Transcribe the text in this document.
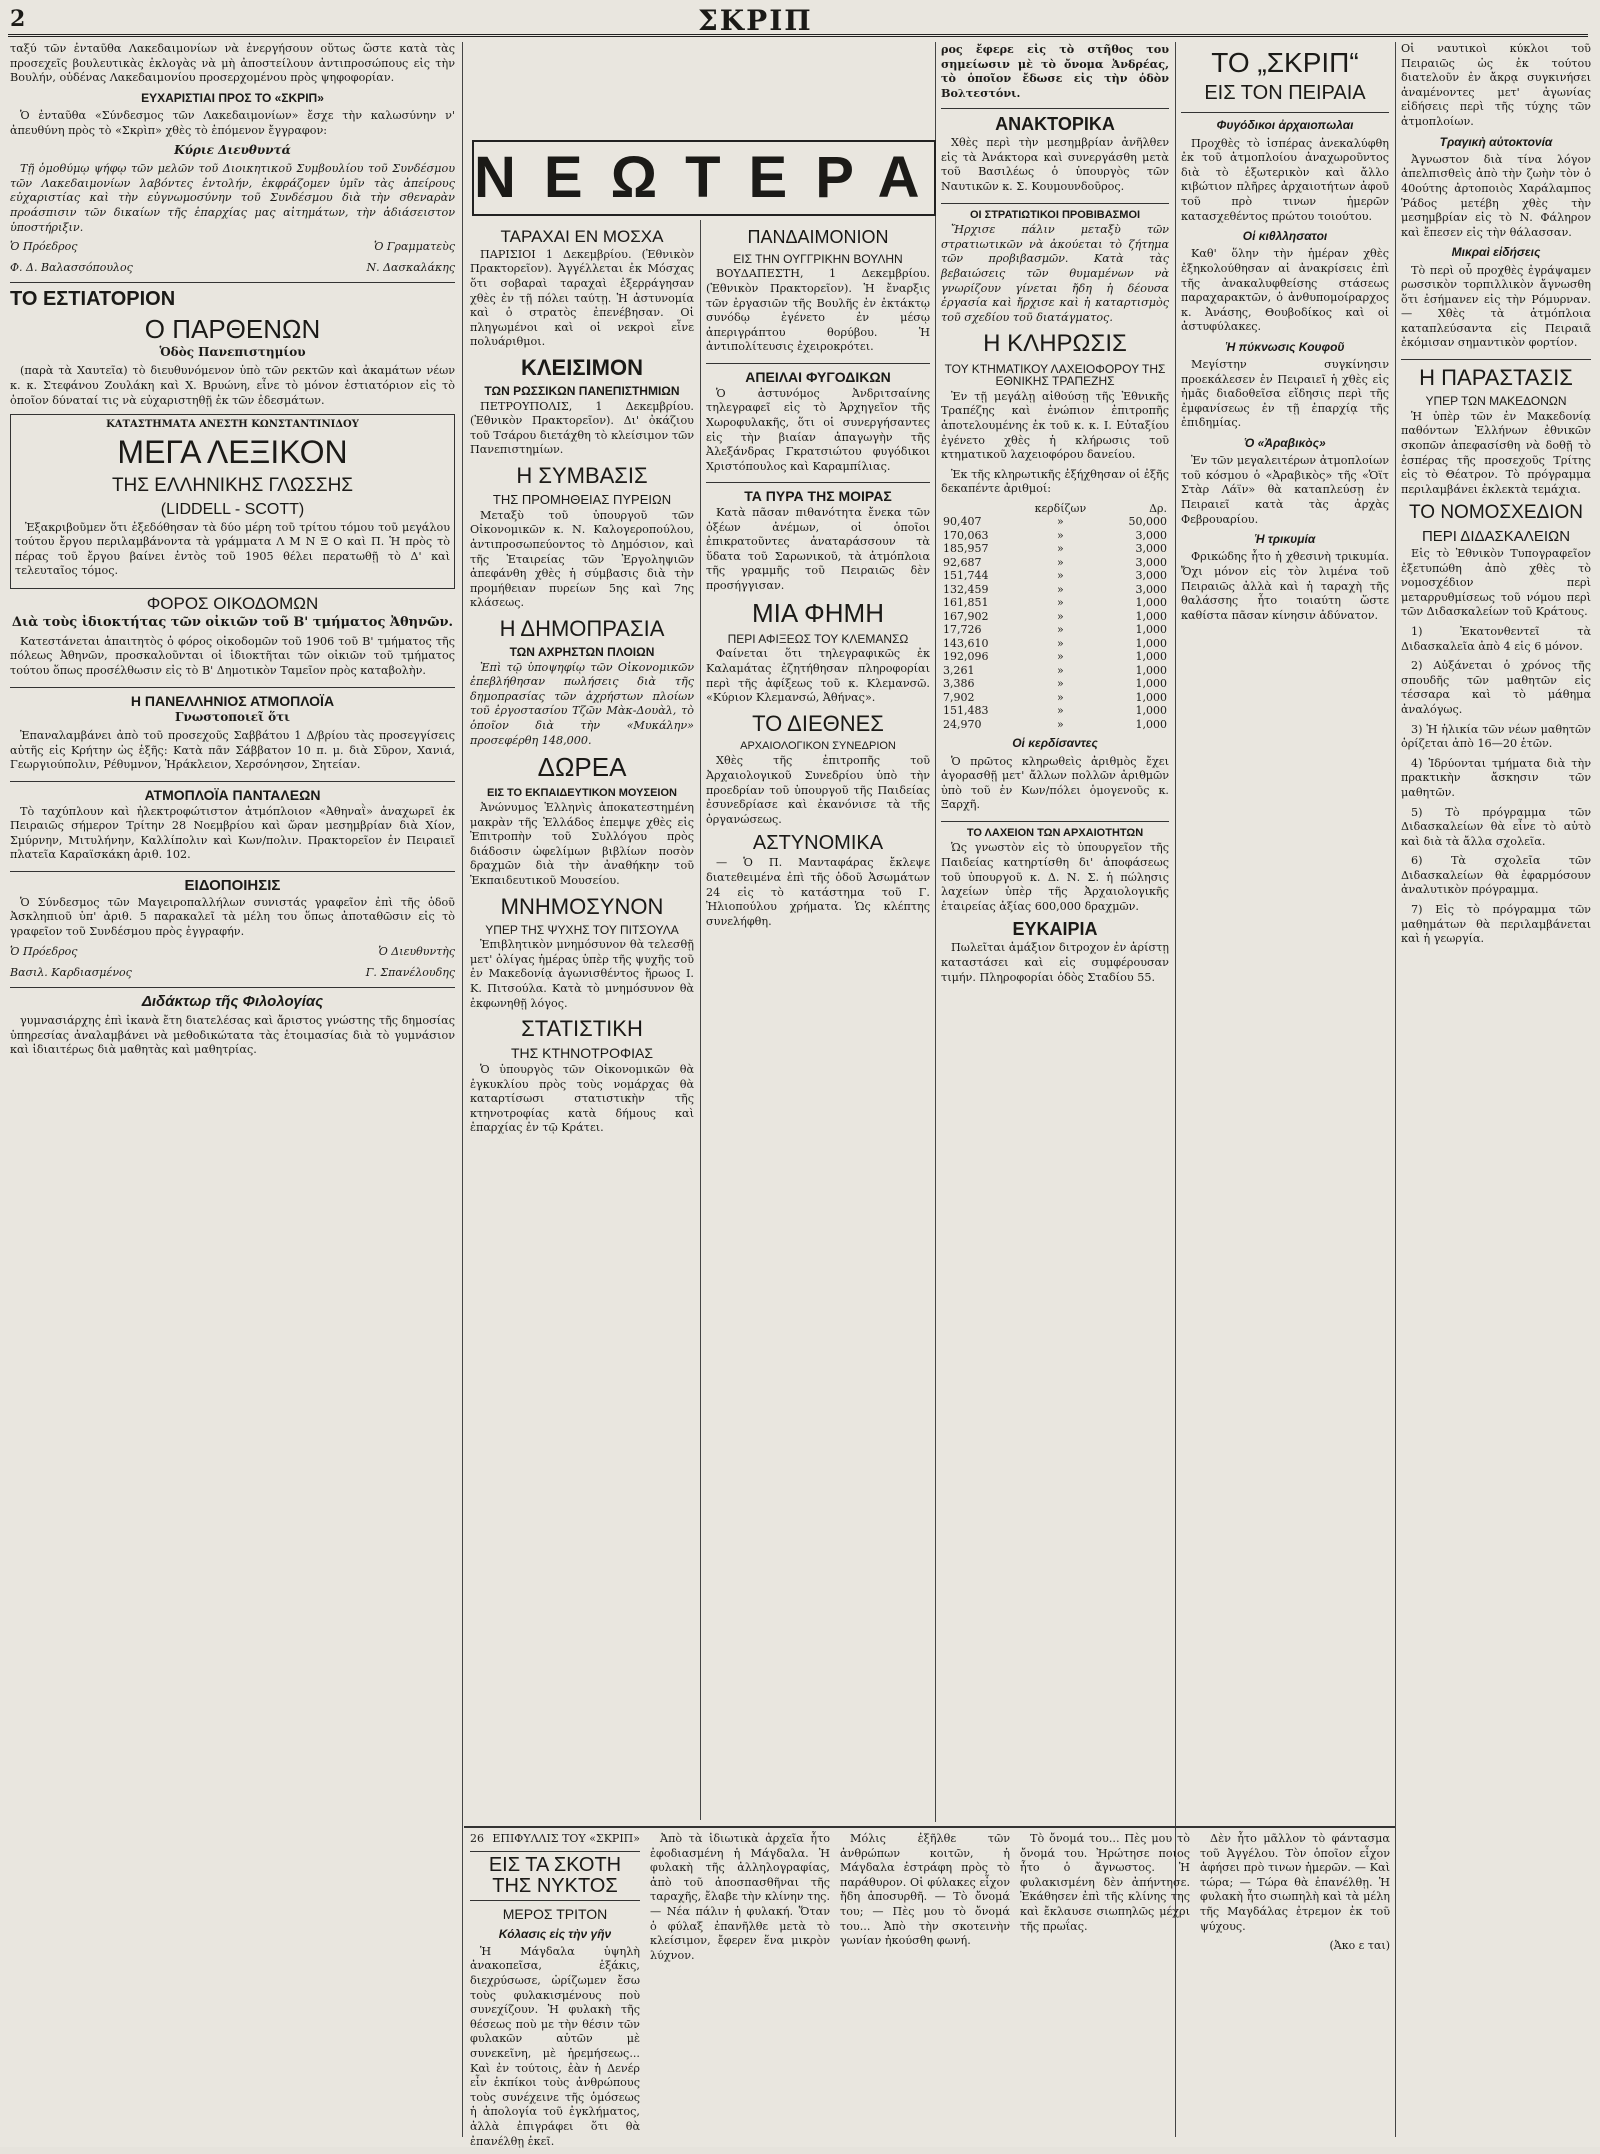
2	ΣΚΡΙΠ
ΝΕΩΤΕΡΑ

ταξύ τῶν ἐνταῦθα Λακεδαιμονίων νὰ ἐνεργήσουν οὕτως ὥστε κατὰ τὰς προσεχεῖς βουλευτικὰς ἐκλογὰς νὰ μὴ ἀποστείλουν ἀντιπροσώπους εἰς τὴν Βουλήν, οὐδένας Λακεδαιμονίου προσερχομένου πρὸς ψηφοφορίαν.

ΕΥΧΑΡΙΣΤΙΑΙ ΠΡΟΣ ΤΟ «ΣΚΡΙΠ»

Ὁ ἐνταῦθα «Σύνδεσμος τῶν Λακεδαιμονίων» ἔσχε τὴν καλωσύνην ν' ἀπευθύνη πρὸς τὸ «Σκρὶπ» χθὲς τὸ ἑπόμενον ἔγγραφον:

Κύριε Διευθυντά

Τῇ ὁμοθύμῳ ψήφῳ τῶν μελῶν τοῦ Διοικητικοῦ Συμβουλίου τοῦ Συνδέσμου τῶν Λακεδαιμονίων λαβόντες ἐντολήν, ἐκφράζομεν ὑμῖν τὰς ἀπείρους εὐχαριστίας καὶ τὴν εὐγνωμοσύνην τοῦ Συνδέσμου διὰ τὴν σθεναρὰν προάσπισιν τῶν δικαίων τῆς ἐπαρχίας μας αἰτημάτων, τὴν ἀδιάσειστον ὑποστήριξιν.

Ὁ Πρόεδρος	Ὁ Γραμματεὺς
Φ. Δ. Βαλασσόπουλος	Ν. Δασκαλάκης
ΤΟ ΕΣΤΙΑΤΟΡΙΟΝ
Ο ΠΑΡΘΕΝΩΝ
Ὁδὸς Πανεπιστημίου

(παρὰ τὰ Χαυτεῖα) τὸ διευθυνόμενον ὑπὸ τῶν ρεκτῶν καὶ ἀκαμάτων νέων κ. κ. Στεφάνου Ζουλάκη καὶ Χ. Βρυώνη, εἶνε τὸ μόνον ἐστιατόριον εἰς τὸ ὁποῖον δύναταί τις νὰ εὐχαριστηθῇ ἐκ τῶν ἐδεσμάτων.

ΚΑΤΑΣΤΗΜΑΤΑ ΑΝΕΣΤΗ ΚΩΝΣΤΑΝΤΙΝΙΔΟΥ
ΜΕΓΑ ΛΕΞΙΚΟΝ
ΤΗΣ ΕΛΛΗΝΙΚΗΣ ΓΛΩΣΣΗΣ
(LIDDELL - SCOTT)

Ἐξακριβοῦμεν ὅτι ἐξεδόθησαν τὰ δύο μέρη τοῦ τρίτου τόμου τοῦ μεγάλου τούτου ἔργου περιλαμβάνοντα τὰ γράμματα Λ Μ Ν Ξ Ο καὶ Π. Ἡ πρὸς τὸ πέρας τοῦ ἔργου βαίνει ἐντὸς τοῦ 1905 θέλει περατωθῇ τὸ Δ' καὶ τελευταῖος τόμος.

ΦΟΡΟΣ ΟΙΚΟΔΟΜΩΝ
Διὰ τοὺς ἰδιοκτήτας τῶν οἰκιῶν τοῦ Β' τμήματος Ἀθηνῶν.

Κατεστάνεται ἀπαιτητὸς ὁ φόρος οἰκοδομῶν τοῦ 1906 τοῦ Β' τμήματος τῆς πόλεως Ἀθηνῶν, προσκαλοῦνται οἱ ἰδιοκτῆται τῶν οἰκιῶν τοῦ τμήματος τούτου ὅπως προσέλθωσιν εἰς τὸ Β' Δημοτικὸν Ταμεῖον πρὸς καταβολὴν.

Η ΠΑΝΕΛΛΗΝΙΟΣ ΑΤΜΟΠΛΟΪΑ
Γνωστοποιεῖ ὅτι

Ἐπαναλαμβάνει ἀπὸ τοῦ προσεχοῦς Σαββάτου 1 Δ/βρίου τὰς προσεγγίσεις αὐτῆς εἰς Κρήτην ὡς ἑξῆς: Κατὰ πᾶν Σάββατον 10 π. μ. διὰ Σῦρον, Χανιά, Γεωργιούπολιν, Ρέθυμνον, Ἡράκλειον, Χερσόνησον, Σητείαν.

ΑΤΜΟΠΛΟΪΑ ΠΑΝΤΑΛΕΩΝ

Τὸ ταχύπλουν καὶ ἠλεκτροφώτιστον ἀτμόπλοιον «Ἀθηναῒ» ἀναχωρεῖ ἐκ Πειραιῶς σήμερον Τρίτην 28 Νοεμβρίου καὶ ὥραν μεσημβρίαν διὰ Χίον, Σμύρνην, Μιτυλήνην, Καλλίπολιν καὶ Κων/πολιν. Πρακτορεῖον ἐν Πειραιεῖ πλατεῖα Καραϊσκάκη ἀριθ. 102.

ΕΙΔΟΠΟΙΗΣΙΣ

Ὁ Σύνδεσμος τῶν Μαγειροπαλλήλων συνιστάς γραφεῖον ἐπὶ τῆς ὁδοῦ Ἀσκληπιοῦ ὑπ' ἀριθ. 5 παρακαλεῖ τὰ μέλη του ὅπως ἀποταθῶσιν εἰς τὸ γραφεῖον τοῦ Συνδέσμου πρὸς ἐγγραφήν.

Ὁ Πρόεδρος	Ὁ Διευθυντὴς
Βασιλ. Καρδιασμένος	Γ. Σπανέλουδης
Διδάκτωρ τῆς Φιλολογίας

γυμνασιάρχης ἐπὶ ἱκανὰ ἔτη διατελέσας καὶ ἄριστος γνώστης τῆς δημοσίας ὑπηρεσίας ἀναλαμβάνει νὰ μεθοδικώτατα τὰς ἑτοιμασίας διὰ τὸ γυμνάσιον καὶ ἰδιαιτέρως διὰ μαθητὰς καὶ μαθητρίας.

ΤΑΡΑΧΑΙ ΕΝ ΜΟΣΧΑ

ΠΑΡΙΣΙΟΙ 1 Δεκεμβρίου. (Ἐθνικὸν Πρακτορεῖον). Ἀγγέλλεται ἐκ Μόσχας ὅτι σοβαραὶ ταραχαὶ ἐξερράγησαν χθὲς ἐν τῇ πόλει ταύτῃ. Ἡ ἀστυνομία καὶ ὁ στρατὸς ἐπενέβησαν. Οἱ πληγωμένοι καὶ οἱ νεκροὶ εἶνε πολυάριθμοι.

ΚΛΕΙΣΙΜΟΝ
ΤΩΝ ΡΩΣΣΙΚΩΝ ΠΑΝΕΠΙΣΤΗΜΙΩΝ

ΠΕΤΡΟΥΠΟΛΙΣ, 1 Δεκεμβρίου. (Ἐθνικὸν Πρακτορεῖον). Δι' ὀκάζιου τοῦ Τσάρου διετάχθη τὸ κλείσιμον τῶν Πανεπιστημίων.

Η ΣΥΜΒΑΣΙΣ
ΤΗΣ ΠΡΟΜΗΘΕΙΑΣ ΠΥΡΕΙΩΝ

Μεταξὺ τοῦ ὑπουργοῦ τῶν Οἰκονομικῶν κ. Ν. Καλογεροπούλου, ἀντιπροσωπεύοντος τὸ Δημόσιον, καὶ τῆς Ἑταιρείας τῶν Ἐργοληψιῶν ἀπεφάνθη χθὲς ἡ σύμβασις διὰ τὴν προμήθειαν πυρείων 5ης καὶ 7ης κλάσεως.

Η ΔΗΜΟΠΡΑΣΙΑ
ΤΩΝ ΑΧΡΗΣΤΩΝ ΠΛΟΙΩΝ

Ἐπὶ τῷ ὑποψηφίῳ τῶν Οἰκονομικῶν ἐπεβλήθησαν πωλήσεις διὰ τῆς δημοπρασίας τῶν ἀχρήστων πλοίων τοῦ ἐργοστασίου Τζῶν Μὰκ-Δουὰλ, τὸ ὁποῖον διὰ τὴν «Μυκάλην» προσεφέρθη 148,000.

ΔΩΡΕΑ
ΕΙΣ ΤΟ ΕΚΠΑΙΔΕΥΤΙΚΟΝ ΜΟΥΣΕΙΟΝ

Ἀνώνυμος Ἑλληνὶς ἀποκατεστημένη μακρὰν τῆς Ἑλλάδος ἐπεμψε χθὲς εἰς Ἐπιτροπὴν τοῦ Συλλόγου πρὸς διάδοσιν ὠφελίμων βιβλίων ποσὸν δραχμῶν διὰ τὴν ἀναθήκην τοῦ Ἐκπαιδευτικοῦ Μουσείου.

ΜΝΗΜΟΣΥΝΟΝ
ΥΠΕΡ ΤΗΣ ΨΥΧΗΣ ΤΟΥ ΠΙΤΣΟΥΛΑ

Ἐπιβλητικὸν μνημόσυνον θὰ τελεσθῇ μετ' ὀλίγας ἡμέρας ὑπὲρ τῆς ψυχῆς τοῦ ἐν Μακεδονίᾳ ἀγωνισθέντος ἥρωος Ι. Κ. Πιτσούλα. Κατὰ τὸ μνημόσυνον θὰ ἐκφωνηθῇ λόγος.

ΣΤΑΤΙΣΤΙΚΗ
ΤΗΣ ΚΤΗΝΟΤΡΟΦΙΑΣ

Ὁ ὑπουργὸς τῶν Οἰκονομικῶν θὰ ἐγκυκλίου πρὸς τοὺς νομάρχας θὰ καταρτίσωσι στατιστικὴν τῆς κτηνοτροφίας κατὰ δήμους καὶ ἐπαρχίας ἐν τῷ Κράτει.

ΠΑΝΔΑΙΜΟΝΙΟΝ
ΕΙΣ ΤΗΝ ΟΥΓΓΡΙΚΗΝ ΒΟΥΛΗΝ

ΒΟΥΔΑΠΕΣΤΗ, 1 Δεκεμβρίου. (Ἐθνικὸν Πρακτορεῖον). Ἡ ἔναρξις τῶν ἐργασιῶν τῆς Βουλῆς ἐν ἐκτάκτῳ συνόδῳ ἐγένετο ἐν μέσῳ ἀπεριγράπτου θορύβου. Ἡ ἀντιπολίτευσις ἐχειροκρότει.

ΑΠΕΙΛΑΙ ΦΥΓΟΔΙΚΩΝ

Ὁ ἀστυνόμος Ἀνδριτσαίνης τηλεγραφεῖ εἰς τὸ Ἀρχηγεῖον τῆς Χωροφυλακῆς, ὅτι οἱ συνεργήσαντες εἰς τὴν βιαίαν ἀπαγωγὴν τῆς Ἀλεξάνδρας Γκρατσιώτου φυγόδικοι Χριστόπουλος καὶ Καραμπίλιας.

ΤΑ ΠΥΡΑ ΤΗΣ ΜΟΙΡΑΣ

Κατὰ πᾶσαν πιθανότητα ἔνεκα τῶν ὀξέων ἀνέμων, οἱ ὁποῖοι ἐπικρατοῦντες ἀναταράσσουν τὰ ὕδατα τοῦ Σαρωνικοῦ, τὰ ἀτμόπλοια τῆς γραμμῆς τοῦ Πειραιῶς δὲν προσήγγισαν.

ΜΙΑ ΦΗΜΗ
ΠΕΡΙ ΑΦΙΞΕΩΣ ΤΟΥ ΚΛΕΜΑΝΣΩ

Φαίνεται ὅτι τηλεγραφικῶς ἐκ Καλαμάτας ἐζητήθησαν πληροφορίαι περὶ τῆς ἀφίξεως τοῦ κ. Κλεμανσῶ. «Κύριον Κλεμανσώ, Ἀθήνας».

ΤΟ ΔΙΕΘΝΕΣ
ΑΡΧΑΙΟΛΟΓΙΚΟΝ ΣΥΝΕΔΡΙΟΝ

Χθὲς τῆς ἐπιτροπῆς τοῦ Ἀρχαιολογικοῦ Συνεδρίου ὑπὸ τὴν προεδρίαν τοῦ ὑπουργοῦ τῆς Παιδείας ἐσυνεδρίασε καὶ ἐκανόνισε τὰ τῆς ὀργανώσεως.

ΑΣΤΥΝΟΜΙΚΑ

— Ὁ Π. Μανταφάρας ἔκλεψε διατεθειμένα ἐπὶ τῆς ὁδοῦ Ἀσωμάτων 24 εἰς τὸ κατάστημα τοῦ Γ. Ἠλιοπούλου χρήματα. Ὡς κλέπτης συνελήφθη.

ρος ἔφερε εἰς τὸ στῆθος του σημείωσιν μὲ τὸ ὄνομα Ἀνδρέας, τὸ ὁποῖον ἔδωσε εἰς τὴν ὁδὸν Βολτεστόνι.

ΑΝΑΚΤΟΡΙΚΑ

Χθὲς περὶ τὴν μεσημβρίαν ἀνῆλθεν εἰς τὰ Ἀνάκτορα καὶ συνεργάσθη μετὰ τοῦ Βασιλέως ὁ ὑπουργὸς τῶν Ναυτικῶν κ. Σ. Κουμουνδοῦρος.

ΟΙ ΣΤΡΑΤΙΩΤΙΚΟΙ ΠΡΟΒΙΒΑΣΜΟΙ

Ἤρχισε πάλιν μεταξὺ τῶν στρατιωτικῶν νὰ ἀκούεται τὸ ζήτημα τῶν προβιβασμῶν. Κατὰ τὰς βεβαιώσεις τῶν θυμαμένων νὰ γνωρίζουν γίνεται ἤδη ἡ δέουσα ἐργασία καὶ ἤρχισε καὶ ἡ καταρτισμὸς τοῦ σχεδίου τοῦ διατάγματος.

Η ΚΛΗΡΩΣΙΣ
ΤΟΥ ΚΤΗΜΑΤΙΚΟΥ ΛΑΧΕΙΟΦΟΡΟΥ ΤΗΣ ΕΘΝΙΚΗΣ ΤΡΑΠΕΖΗΣ

Ἐν τῇ μεγάλῃ αἰθούσῃ τῆς Ἐθνικῆς Τραπέζης καὶ ἐνώπιον ἐπιτροπῆς ἀποτελουμένης ἐκ τοῦ κ. κ. Ι. Εὐταξίου ἐγένετο χθὲς ἡ κλήρωσις τοῦ κτηματικοῦ λαχειοφόρου δανείου.

Ἐκ τῆς κληρωτικῆς ἐξήχθησαν οἱ ἐξῆς δεκαπέντε ἀριθμοί:

	κερδίζων	Δρ.
90,407	»	50,000
170,063	»	3,000
185,957	»	3,000
92,687	»	3,000
151,744	»	3,000
132,459	»	3,000
161,851	»	1,000
167,902	»	1,000
17,726	»	1,000
143,610	»	1,000
192,096	»	1,000
3,261	»	1,000
3,386	»	1,000
7,902	»	1,000
151,483	»	1,000
24,970	»	1,000
Οἱ κερδίσαντες

Ὁ πρῶτος κληρωθεὶς ἀριθμὸς ἔχει ἀγορασθῇ μετ' ἄλλων πολλῶν ἀριθμῶν ὑπὸ τοῦ ἐν Κων/πόλει ὁμογενοῦς κ. Ξαρχῆ.

ΤΟ ΛΑΧΕΙΟΝ ΤΩΝ ΑΡΧΑΙΟΤΗΤΩΝ

Ὡς γνωστὸν εἰς τὸ ὑπουργεῖον τῆς Παιδείας κατηρτίσθη δι' ἀποφάσεως τοῦ ὑπουργοῦ κ. Δ. Ν. Σ. ἡ πώλησις λαχείων ὑπὲρ τῆς Ἀρχαιολογικῆς ἑταιρείας ἀξίας 600,000 δραχμῶν.

ΕΥΚΑΙΡΙΑ

Πωλεῖται ἁμάξιον διτροχον ἐν ἀρίστῃ καταστάσει καὶ εἰς συμφέρουσαν τιμήν. Πληροφορίαι ὁδὸς Σταδίου 55.

ΤΟ „ΣΚΡΙΠ“
ΕΙΣ ΤΟΝ ΠΕΙΡΑΙΑ
Φυγόδικοι ἀρχαιοπωλαι

Προχθὲς τὸ ἰσπέρας ἀνεκαλύφθη ἐκ τοῦ ἀτμοπλοίου ἀναχωροῦντος διὰ τὸ ἐξωτερικὸν καὶ ἄλλο κιβώτιον πλῆρες ἀρχαιοτήτων ἀφοῦ τοῦ πρὸ τινων ἡμερῶν κατασχεθέντος πρώτου τοιούτου.

Οἱ κιθλλησατοι

Καθ' ὅλην τὴν ἡμέραν χθὲς ἐξηκολούθησαν αἱ ἀνακρίσεις ἐπὶ τῆς ἀνακαλυφθείσης στάσεως παραχαρακτῶν, ὁ ἀνθυπομοίραρχος κ. Ἀνάσης, Θουβοδίκος καὶ οἱ ἀστυφύλακες.

Ἡ πύκνωσις Κουφοῦ

Μεγίστην συγκίνησιν προεκάλεσεν ἐν Πειραιεῖ ἡ χθὲς εἰς ἡμᾶς διαδοθεῖσα εἴδησις περὶ τῆς ἐμφανίσεως ἐν τῇ ἐπαρχίᾳ τῆς ἐπιδημίας.

Ὁ «Ἀραβικὸς»

Ἐν τῶν μεγαλειτέρων ἀτμοπλοίων τοῦ κόσμου ὁ «Ἀραβικὸς» τῆς «Ὁϊτ Στὰρ Λάϊν» θὰ καταπλεύσῃ ἐν Πειραιεῖ κατὰ τὰς ἀρχὰς Φεβρουαρίου.

Ἡ τρικυμία

Φρικώδης ἦτο ἡ χθεσινὴ τρικυμία. Ὄχι μόνον εἰς τὸν λιμένα τοῦ Πειραιῶς ἀλλὰ καὶ ἡ ταραχὴ τῆς θαλάσσης ἦτο τοιαύτη ὥστε καθίστα πᾶσαν κίνησιν ἀδύνατον.

Οἱ ναυτικοὶ κύκλοι τοῦ Πειραιῶς ὡς ἐκ τούτου διατελοῦν ἐν ἄκρᾳ συγκινήσει ἀναμένοντες μετ' ἀγωνίας εἰδήσεις περὶ τῆς τύχης τῶν ἀτμοπλοίων.

Τραγικὴ αὐτοκτονία

Ἀγνωστον διὰ τίνα λόγον ἀπελπισθεὶς ἀπὸ τὴν ζωὴν τὸν ὁ 40ούτης ἀρτοποιὸς Χαράλαμπος Ῥάδος μετέβη χθὲς τὴν μεσημβρίαν εἰς τὸ Ν. Φάληρον καὶ ἔπεσεν εἰς τὴν θάλασσαν.

Μικραὶ εἰδήσεις

Τὸ περὶ οὗ προχθὲς ἐγράψαμεν ρωσσικὸν τορπιλλικὸν ἄγνωσθη ὅτι ἐσήμανεν εἰς τὴν Ρόμυρναν. — Χθὲς τὰ ἀτμόπλοια καταπλεύσαντα εἰς Πειραιᾶ ἐκόμισαν σημαντικὸν φορτίον.

Η ΠΑΡΑΣΤΑΣΙΣ
ΥΠΕΡ ΤΩΝ ΜΑΚΕΔΟΝΩΝ

Ἡ ὑπὲρ τῶν ἐν Μακεδονίᾳ παθόντων Ἑλλήνων ἐθνικῶν σκοπῶν ἀπεφασίσθη νὰ δοθῇ τὸ ἑσπέρας τῆς προσεχοῦς Τρίτης εἰς τὸ Θέατρον. Τὸ πρόγραμμα περιλαμβάνει ἐκλεκτὰ τεμάχια.

ΤΟ ΝΟΜΟΣΧΕΔΙΟΝ
ΠΕΡΙ ΔΙΔΑΣΚΑΛΕΙΩΝ

Εἰς τὸ Ἐθνικὸν Τυπογραφεῖον ἐξετυπώθη ἀπὸ χθὲς τὸ νομοσχέδιον περὶ μεταρρυθμίσεως τοῦ νόμου περὶ τῶν Διδασκαλείων τοῦ Κράτους.

1) Ἐκατονθεντεῖ τὰ Διδασκαλεῖα ἀπὸ 4 εἰς 6 μόνον.

2) Αὐξάνεται ὁ χρόνος τῆς σπουδῆς τῶν μαθητῶν εἰς τέσσαρα καὶ τὸ μάθημα ἀναλόγως.

3) Ἡ ἡλικία τῶν νέων μαθητῶν ὁρίζεται ἀπὸ 16—20 ἐτῶν.

4) Ἱδρύονται τμήματα διὰ τὴν πρακτικὴν ἄσκησιν τῶν μαθητῶν.

5) Τὸ πρόγραμμα τῶν Διδασκαλείων θὰ εἶνε τὸ αὐτὸ καὶ διὰ τὰ ἄλλα σχολεῖα.

6) Τὰ σχολεῖα τῶν Διδασκαλείων θὰ ἐφαρμόσουν ἀναλυτικὸν πρόγραμμα.

7) Εἰς τὸ πρόγραμμα τῶν μαθημάτων θὰ περιλαμβάνεται καὶ ἡ γεωργία.

26 ΕΠΙΦΥΛΛΙΣ ΤΟΥ «ΣΚΡΙΠ»
ΕΙΣ ΤΑ ΣΚΟΤΗ ΤΗΣ ΝΥΚΤΟΣ
ΜΕΡΟΣ ΤΡΙΤΟΝ
Κόλασις εἰς τὴν γῆν

Ἡ Μάγδαλα ὑψηλὴ ἀνακοπεῖσα, ἑξάκις, διεχρύσωσε, ὡρίζωμεν ἔσω τοὺς φυλακισμένους ποὺ συνεχίζουν. Ἡ φυλακὴ τῆς θέσεως ποὺ με τὴν θέσιν τῶν φυλακῶν αὐτῶν μὲ συνεκεῖνη, μὲ ἠρεμήσεως... Καὶ ἐν τούτοις, ἐὰν ἡ Δενέρ εἶν ἐκπίκοι τοὺς ἀνθρώπους τοὺς συνέχεινε τῆς ὁμόσεως ἡ ἀπολογία τοῦ ἐγκλήματος, ἀλλὰ ἐπιγράφει ὅτι θὰ ἐπανέλθῃ ἐκεῖ.

Ἀπὸ τὰ ἰδιωτικὰ ἀρχεῖα ἦτο ἐφοδιασμένη ἡ Μάγδαλα. Ἡ φυλακὴ τῆς ἀλληλογραφίας, ἀπὸ τοῦ ἀποσπασθῆναι τῆς ταραχῆς, ἔλαβε τὴν κλίνην της. — Νέα πάλιν ἡ φυλακή. Ὅταν ὁ φύλαξ ἐπανῆλθε μετὰ τὸ κλείσιμον, ἔφερεν ἕνα μικρὸν λύχνον.

Μόλις ἐξῆλθε τῶν ἀνθρώπων κοιτῶν, ἡ Μάγδαλα ἐστράφη πρὸς τὸ παράθυρον. Οἱ φύλακες εἶχον ἤδη ἀποσυρθῆ. — Τὸ ὄνομά του; — Πὲς μου τὸ ὄνομά του... Ἀπὸ τὴν σκοτεινὴν γωνίαν ἠκούσθη φωνή.

Τὸ ὄνομά του... Πὲς μου τὸ ὄνομά του. Ἠρώτησε ποιος ἦτο ὁ ἄγνωστος. Ἡ φυλακισμένη δὲν ἀπήντησε. Ἐκάθησεν ἐπὶ τῆς κλίνης της καὶ ἔκλαυσε σιωπηλῶς μέχρι τῆς πρωΐας.

Δὲν ἦτο μᾶλλον τὸ φάντασμα τοῦ Ἀγγέλου. Τὸν ὁποῖον εἶχον ἀφήσει πρὸ τινων ἡμερῶν. — Καὶ τώρα; — Τώρα θὰ ἐπανέλθῃ. Ἡ φυλακὴ ἦτο σιωπηλὴ καὶ τὰ μέλη τῆς Μαγδάλας ἐτρεμον ἐκ τοῦ ψύχους.

(Ἀκο ε ται)
